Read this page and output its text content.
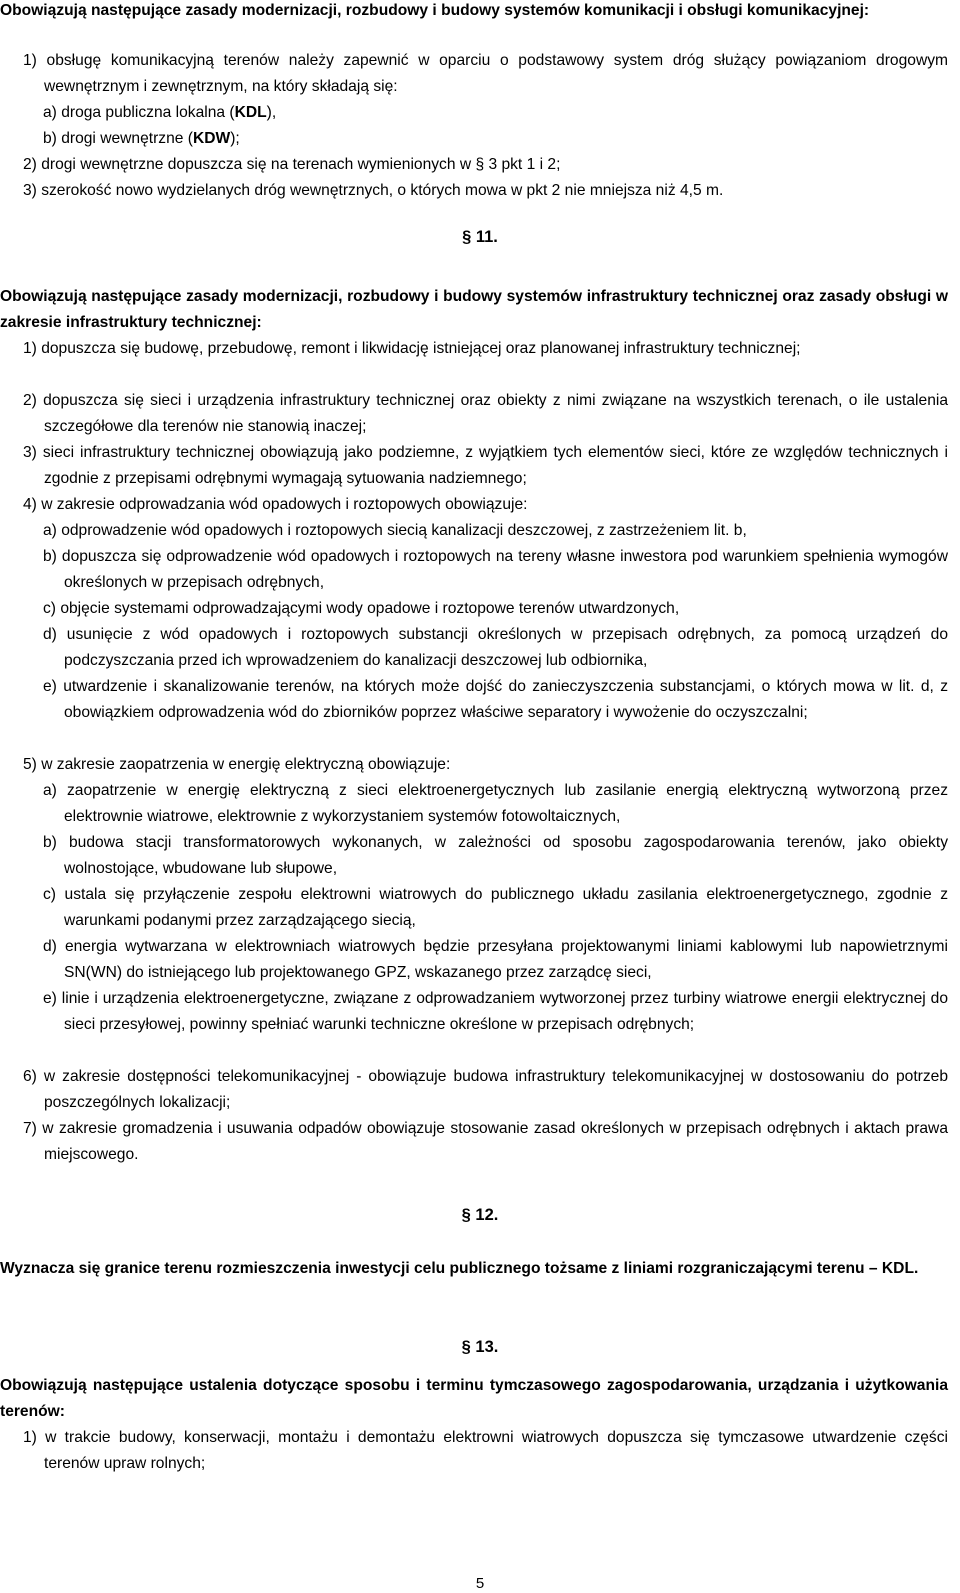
Obowiązują następujące zasady modernizacji, rozbudowy i budowy systemów komunikacji i obsługi komunikacyjnej:
1) obsługę komunikacyjną terenów należy zapewnić w oparciu o podstawowy system dróg służący powiązaniom drogowym wewnętrznym i zewnętrznym, na który składają się:
a) droga publiczna lokalna (KDL),
b) drogi wewnętrzne (KDW);
2) drogi wewnętrzne dopuszcza się na terenach wymienionych w § 3 pkt 1 i 2;
3) szerokość nowo wydzielanych dróg wewnętrznych, o których mowa w pkt 2 nie mniejsza niż 4,5 m.
§ 11.
Obowiązują następujące zasady modernizacji, rozbudowy i budowy systemów infrastruktury technicznej oraz zasady obsługi w zakresie infrastruktury technicznej:
1) dopuszcza się budowę, przebudowę, remont i likwidację istniejącej oraz planowanej infrastruktury technicznej;
2) dopuszcza się sieci i urządzenia infrastruktury technicznej oraz obiekty z nimi związane na wszystkich terenach, o ile ustalenia szczegółowe dla terenów nie stanowią inaczej;
3) sieci infrastruktury technicznej obowiązują jako podziemne, z wyjątkiem tych elementów sieci, które ze względów technicznych i zgodnie z przepisami odrębnymi wymagają sytuowania nadziemnego;
4) w zakresie odprowadzania wód opadowych i roztopowych obowiązuje:
a) odprowadzenie wód opadowych i roztopowych siecią kanalizacji deszczowej, z zastrzeżeniem lit. b,
b) dopuszcza się odprowadzenie wód opadowych i roztopowych na tereny własne inwestora pod warunkiem spełnienia wymogów określonych w przepisach odrębnych,
c) objęcie systemami odprowadzającymi wody opadowe i roztopowe terenów utwardzonych,
d) usunięcie z wód opadowych i roztopowych substancji określonych w przepisach odrębnych, za pomocą urządzeń do podczyszczania przed ich wprowadzeniem do kanalizacji deszczowej lub odbiornika,
e) utwardzenie i skanalizowanie terenów, na których może dojść do zanieczyszczenia substancjami, o których mowa w lit. d, z obowiązkiem odprowadzenia wód do zbiorników poprzez właściwe separatory i wywożenie do oczyszczalni;
5) w zakresie zaopatrzenia w energię elektryczną obowiązuje:
a) zaopatrzenie w energię elektryczną z sieci elektroenergetycznych lub zasilanie energią elektryczną wytworzoną przez elektrownie wiatrowe, elektrownie z wykorzystaniem systemów fotowoltaicznych,
b) budowa stacji transformatorowych wykonanych, w zależności od sposobu zagospodarowania terenów, jako obiekty wolnostojące, wbudowane lub słupowe,
c) ustala się przyłączenie zespołu elektrowni wiatrowych do publicznego układu zasilania elektroenergetycznego, zgodnie z warunkami podanymi przez zarządzającego siecią,
d) energia wytwarzana w elektrowniach wiatrowych będzie przesyłana projektowanymi liniami kablowymi lub napowietrznymi SN(WN) do istniejącego lub projektowanego GPZ, wskazanego przez zarządcę sieci,
e) linie i urządzenia elektroenergetyczne, związane z odprowadzaniem wytworzonej przez turbiny wiatrowe energii elektrycznej do sieci przesyłowej, powinny spełniać warunki techniczne określone w przepisach odrębnych;
6) w zakresie dostępności telekomunikacyjnej - obowiązuje budowa infrastruktury telekomunikacyjnej w dostosowaniu do potrzeb poszczególnych lokalizacji;
7) w zakresie gromadzenia i usuwania odpadów obowiązuje stosowanie zasad określonych w przepisach odrębnych i aktach prawa miejscowego.
§ 12.
Wyznacza się granice terenu rozmieszczenia inwestycji celu publicznego tożsame z liniami rozgraniczającymi terenu – KDL.
§ 13.
Obowiązują następujące ustalenia dotyczące sposobu i terminu tymczasowego zagospodarowania, urządzania i użytkowania terenów:
1) w trakcie budowy, konserwacji, montażu i demontażu elektrowni wiatrowych dopuszcza się tymczasowe utwardzenie części terenów upraw rolnych;
5
